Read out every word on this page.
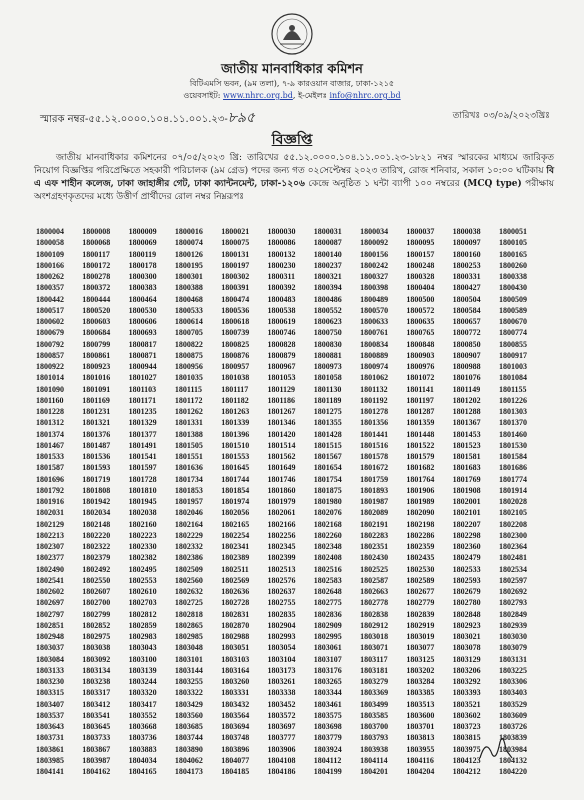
জাতীয় মানবাধিকার কমিশন
বিটিএমসি ভবন, (৯ম তলা), ৭-৯ কারওয়ান বাজার, ঢাকা-১২১৫
ওয়েবসাইট: www.nhrc.org.bd, ই-মেইলঃ info@nhrc.org.bd
স্মারক নম্বর-৫৫.১২.০০০০.১০৪.১১.০০১.২৩-৮৯৫	তারিখঃ ০৩/০৯/২০২৩খ্রিঃ
বিজ্ঞপ্তি

জাতীয় মানবাধিকার কমিশনের ০৭/০৫/২০২৩ খ্রি: তারিখের ৫৫.১২.০০০০.১০৪.১১.০০১.২৩-১৮২১ নম্বর স্মারকের মাধ্যমে জারিকৃত নিয়োগ বিজ্ঞপ্তির পরিপ্রেক্ষিতে সহকারী পরিচালক (৯ম গ্রেড) পদের জন্য গত ০২সেপ্টেম্বর ২০২৩ তারিখ, রোজ শনিবার, সকাল ১০:০০ ঘটিকায় বি এ এফ শাহীন কলেজ, ঢাকা জাহাঙ্গীর গেট, ঢাকা ক্যান্টনমেন্ট, ঢাকা-১২০৬ কেন্দ্রে অনুষ্ঠিত ১ ঘন্টা ব্যাপী ১০০ নম্বরের (MCQ type) পরীক্ষায় অংশগ্রহণকৃতদের মধ্যে উত্তীর্ণ প্রার্থীদের রোল নম্বর নিম্নরূপঃ

1800004	1800008	1800009	1800016	1800021	1800030	1800031	1800034	1800037	1800038	1800051
1800058	1800068	1800069	1800074	1800075	1800086	1800087	1800092	1800095	1800097	1800105
1800109	1800117	1800119	1800126	1800131	1800132	1800140	1800156	1800157	1800160	1800165
1800166	1800172	1800178	1800195	1800197	1800230	1800237	1800242	1800248	1800253	1800260
1800262	1800278	1800300	1800301	1800302	1800311	1800321	1800327	1800328	1800331	1800338
1800357	1800372	1800383	1800388	1800391	1800392	1800394	1800398	1800404	1800427	1800430
1800442	1800444	1800464	1800468	1800474	1800483	1800486	1800489	1800500	1800504	1800509
1800517	1800520	1800530	1800533	1800536	1800538	1800552	1800570	1800572	1800584	1800589
1800602	1800603	1800606	1800614	1800618	1800619	1800623	1800633	1800635	1800657	1800670
1800679	1800684	1800693	1800705	1800739	1800746	1800750	1800761	1800765	1800772	1800774
1800792	1800799	1800817	1800822	1800825	1800828	1800830	1800834	1800848	1800850	1800855
1800857	1800861	1800871	1800875	1800876	1800879	1800881	1800889	1800903	1800907	1800917
1800922	1800923	1800944	1800956	1800957	1800967	1800973	1800974	1800976	1800988	1801003
1801014	1801016	1801027	1801035	1801038	1801053	1801058	1801062	1801072	1801076	1801084
1801090	1801091	1801103	1801115	1801117	1801129	1801130	1801132	1801141	1801149	1801155
1801160	1801169	1801171	1801172	1801182	1801186	1801189	1801192	1801197	1801202	1801226
1801228	1801231	1801235	1801262	1801263	1801267	1801275	1801278	1801287	1801288	1801303
1801312	1801321	1801329	1801331	1801339	1801346	1801355	1801356	1801359	1801367	1801370
1801374	1801376	1801377	1801388	1801396	1801420	1801428	1801441	1801448	1801453	1801460
1801467	1801487	1801491	1801505	1801510	1801514	1801515	1801516	1801522	1801523	1801530
1801533	1801536	1801541	1801551	1801553	1801562	1801567	1801578	1801579	1801581	1801584
1801587	1801593	1801597	1801636	1801645	1801649	1801654	1801672	1801682	1801683	1801686
1801696	1801719	1801728	1801734	1801744	1801746	1801754	1801759	1801764	1801769	1801774
1801792	1801808	1801810	1801853	1801854	1801860	1801875	1801893	1801906	1801908	1801914
1801916	1801942	1801945	1801957	1801974	1801979	1801980	1801987	1801989	1802001	1802028
1802031	1802034	1802038	1802046	1802056	1802061	1802076	1802089	1802090	1802101	1802105
1802129	1802148	1802160	1802164	1802165	1802166	1802168	1802191	1802198	1802207	1802208
1802213	1802220	1802223	1802229	1802254	1802256	1802260	1802283	1802286	1802298	1802300
1802307	1802322	1802330	1802332	1802341	1802345	1802348	1802351	1802359	1802360	1802364
1802377	1802379	1802382	1802386	1802389	1802399	1802408	1802430	1802435	1802479	1802481
1802490	1802492	1802495	1802509	1802511	1802513	1802516	1802525	1802530	1802533	1802534
1802541	1802550	1802553	1802560	1802569	1802576	1802583	1802587	1802589	1802593	1802597
1802602	1802607	1802610	1802632	1802636	1802637	1802648	1802663	1802677	1802679	1802692
1802697	1802700	1802703	1802725	1802728	1802755	1802775	1802778	1802779	1802780	1802793
1802797	1802799	1802812	1802818	1802831	1802835	1802836	1802838	1802839	1802848	1802849
1802851	1802852	1802859	1802865	1802870	1802904	1802909	1802912	1802919	1802923	1802939
1802948	1802975	1802983	1802985	1802988	1802993	1802995	1803018	1803019	1803021	1803030
1803037	1803038	1803043	1803048	1803051	1803054	1803061	1803071	1803077	1803078	1803079
1803084	1803092	1803100	1803101	1803103	1803104	1803107	1803117	1803125	1803129	1803131
1803133	1803134	1803139	1803144	1803164	1803173	1803176	1803181	1803202	1803206	1803225
1803230	1803238	1803244	1803255	1803260	1803261	1803265	1803279	1803284	1803292	1803306
1803315	1803317	1803320	1803322	1803331	1803338	1803344	1803369	1803385	1803393	1803403
1803407	1803412	1803417	1803429	1803432	1803452	1803461	1803499	1803513	1803521	1803529
1803537	1803541	1803552	1803560	1803564	1803572	1803575	1803585	1803600	1803602	1803609
1803643	1803645	1803668	1803685	1803694	1803697	1803698	1803700	1803701	1803723	1803726
1803731	1803733	1803736	1803744	1803748	1803777	1803779	1803793	1803813	1803815	1803839
1803861	1803867	1803883	1803890	1803896	1803906	1803924	1803938	1803955	1803975	1803984
1803985	1803987	1804034	1804062	1804077	1804108	1804112	1804114	1804116	1804123	1804132
1804141	1804162	1804165	1804173	1804185	1804186	1804199	1804201	1804204	1804212	1804220
